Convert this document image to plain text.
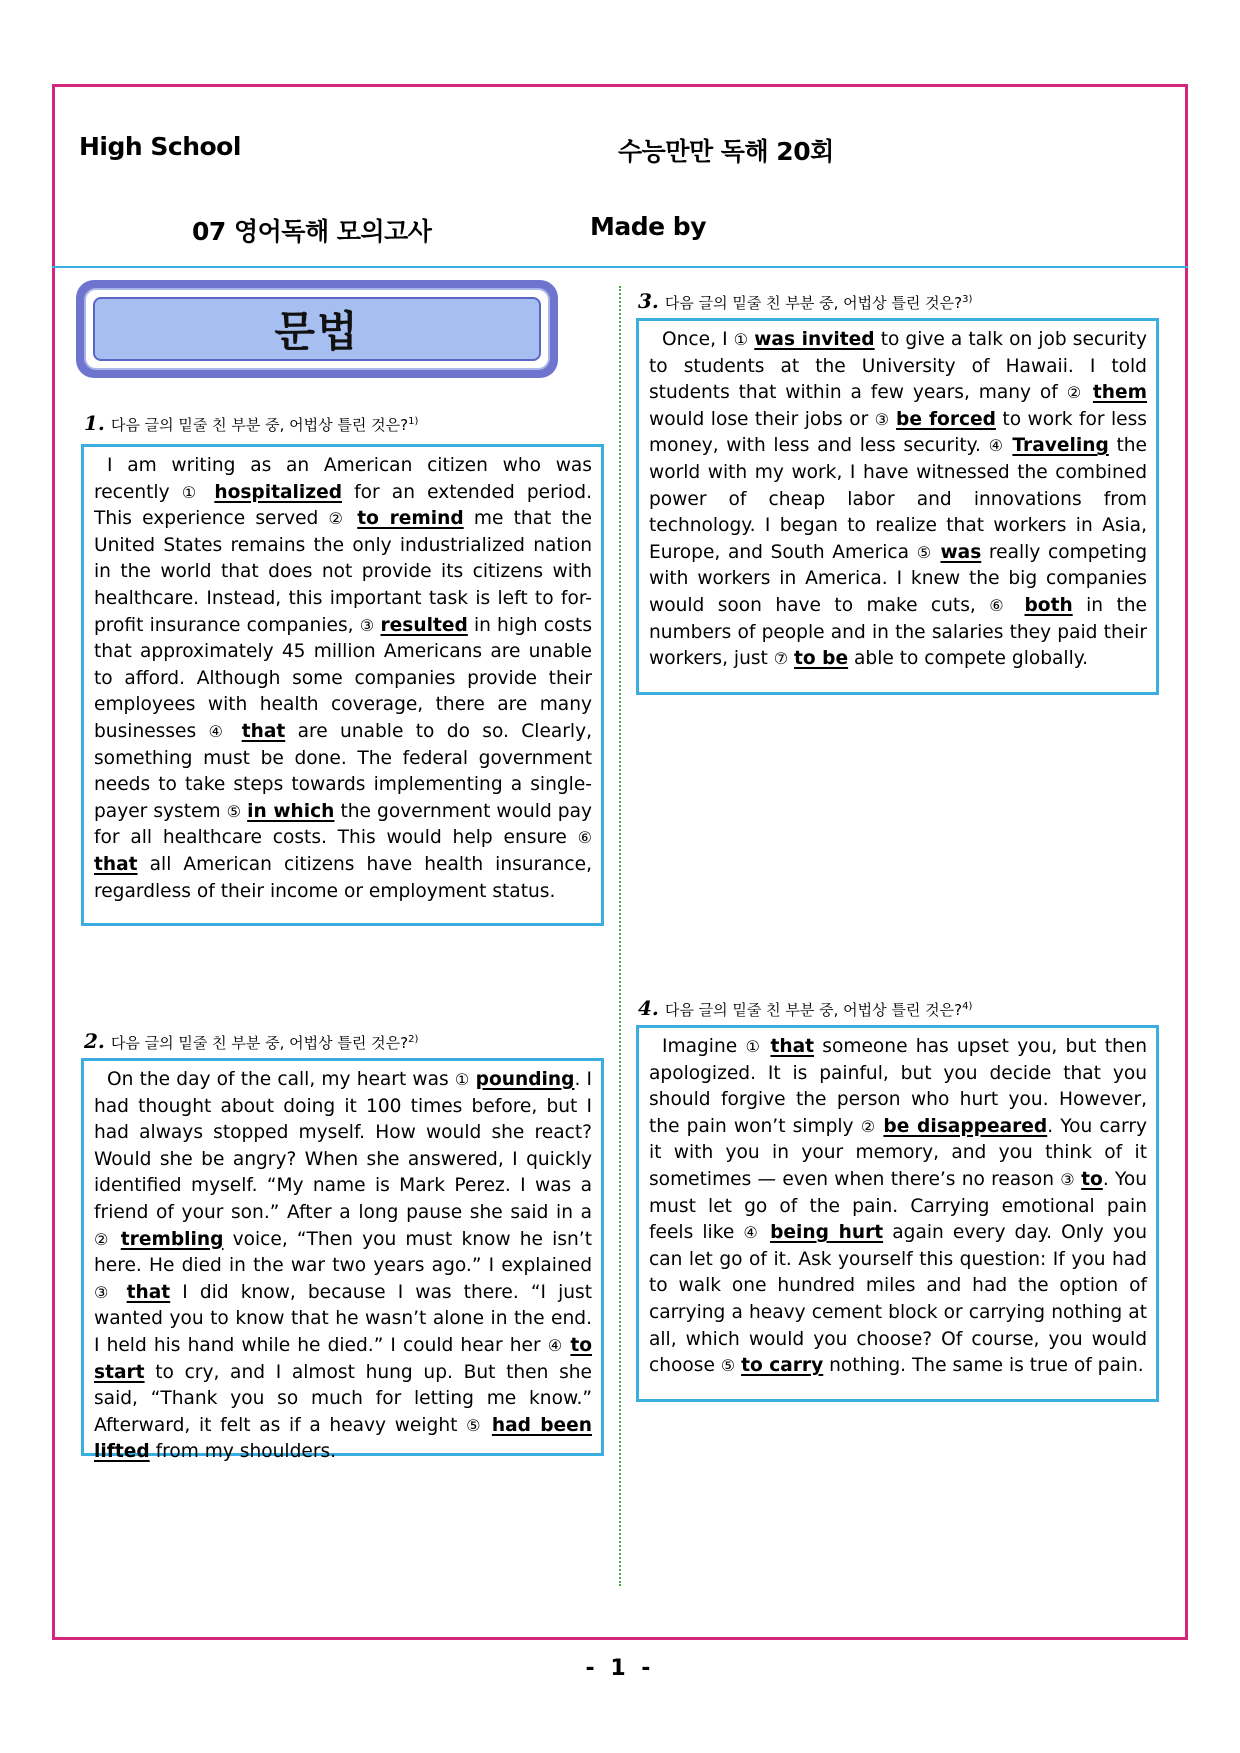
High School	수능만만 독해 20회
07 영어독해 모의고사	Made by
문법
1. 다음 글의 밑줄 친 부분 중, 어법상 틀린 것은?$^{1)}$

I am writing as an American citizen who was recently ① hospitalized for an extended period. This experience served ② to remind me that the United States remains the only industrialized nation in the world that does not provide its citizens with healthcare. Instead, this important task is left to for-profit insurance companies, ③ resulted in high costs that approximately 45 million Americans are unable to afford. Although some companies provide their employees with health coverage, there are many businesses ④ that are unable to do so. Clearly, something must be done. The federal government needs to take steps towards implementing a single-payer system ⑤ in which the government would pay for all healthcare costs. This would help ensure ⑥ that all American citizens have health insurance, regardless of their income or employment status.

2. 다음 글의 밑줄 친 부분 중, 어법상 틀린 것은?$^{2)}$

On the day of the call, my heart was ① pounding. I had thought about doing it 100 times before, but I had always stopped myself. How would she react? Would she be angry? When she answered, I quickly identified myself. “My name is Mark Perez. I was a friend of your son.” After a long pause she said in a ② trembling voice, “Then you must know he isn’t here. He died in the war two years ago.” I explained ③ that I did know, because I was there. “I just wanted you to know that he wasn’t alone in the end. I held his hand while he died.” I could hear her ④ to start to cry, and I almost hung up. But then she said, “Thank you so much for letting me know.” Afterward, it felt as if a heavy weight ⑤ had been lifted from my shoulders.

3. 다음 글의 밑줄 친 부분 중, 어법상 틀린 것은?$^{3)}$

Once, I ① was invited to give a talk on job security to students at the University of Hawaii. I told students that within a few years, many of ② them would lose their jobs or ③ be forced to work for less money, with less and less security. ④ Traveling the world with my work, I have witnessed the combined power of cheap labor and innovations from technology. I began to realize that workers in Asia, Europe, and South America ⑤ was really competing with workers in America. I knew the big companies would soon have to make cuts, ⑥ both in the numbers of people and in the salaries they paid their workers, just ⑦ to be able to compete globally.

4. 다음 글의 밑줄 친 부분 중, 어법상 틀린 것은?$^{4)}$

Imagine ① that someone has upset you, but then apologized. It is painful, but you decide that you should forgive the person who hurt you. However, the pain won’t simply ② be disappeared. You carry it with you in your memory, and you think of it sometimes — even when there’s no reason ③ to. You must let go of the pain. Carrying emotional pain feels like ④ being hurt again every day. Only you can let go of it. Ask yourself this question: If you had to walk one hundred miles and had the option of carrying a heavy cement block or carrying nothing at all, which would you choose? Of course, you would choose ⑤ to carry nothing. The same is true of pain.

- 1 -
